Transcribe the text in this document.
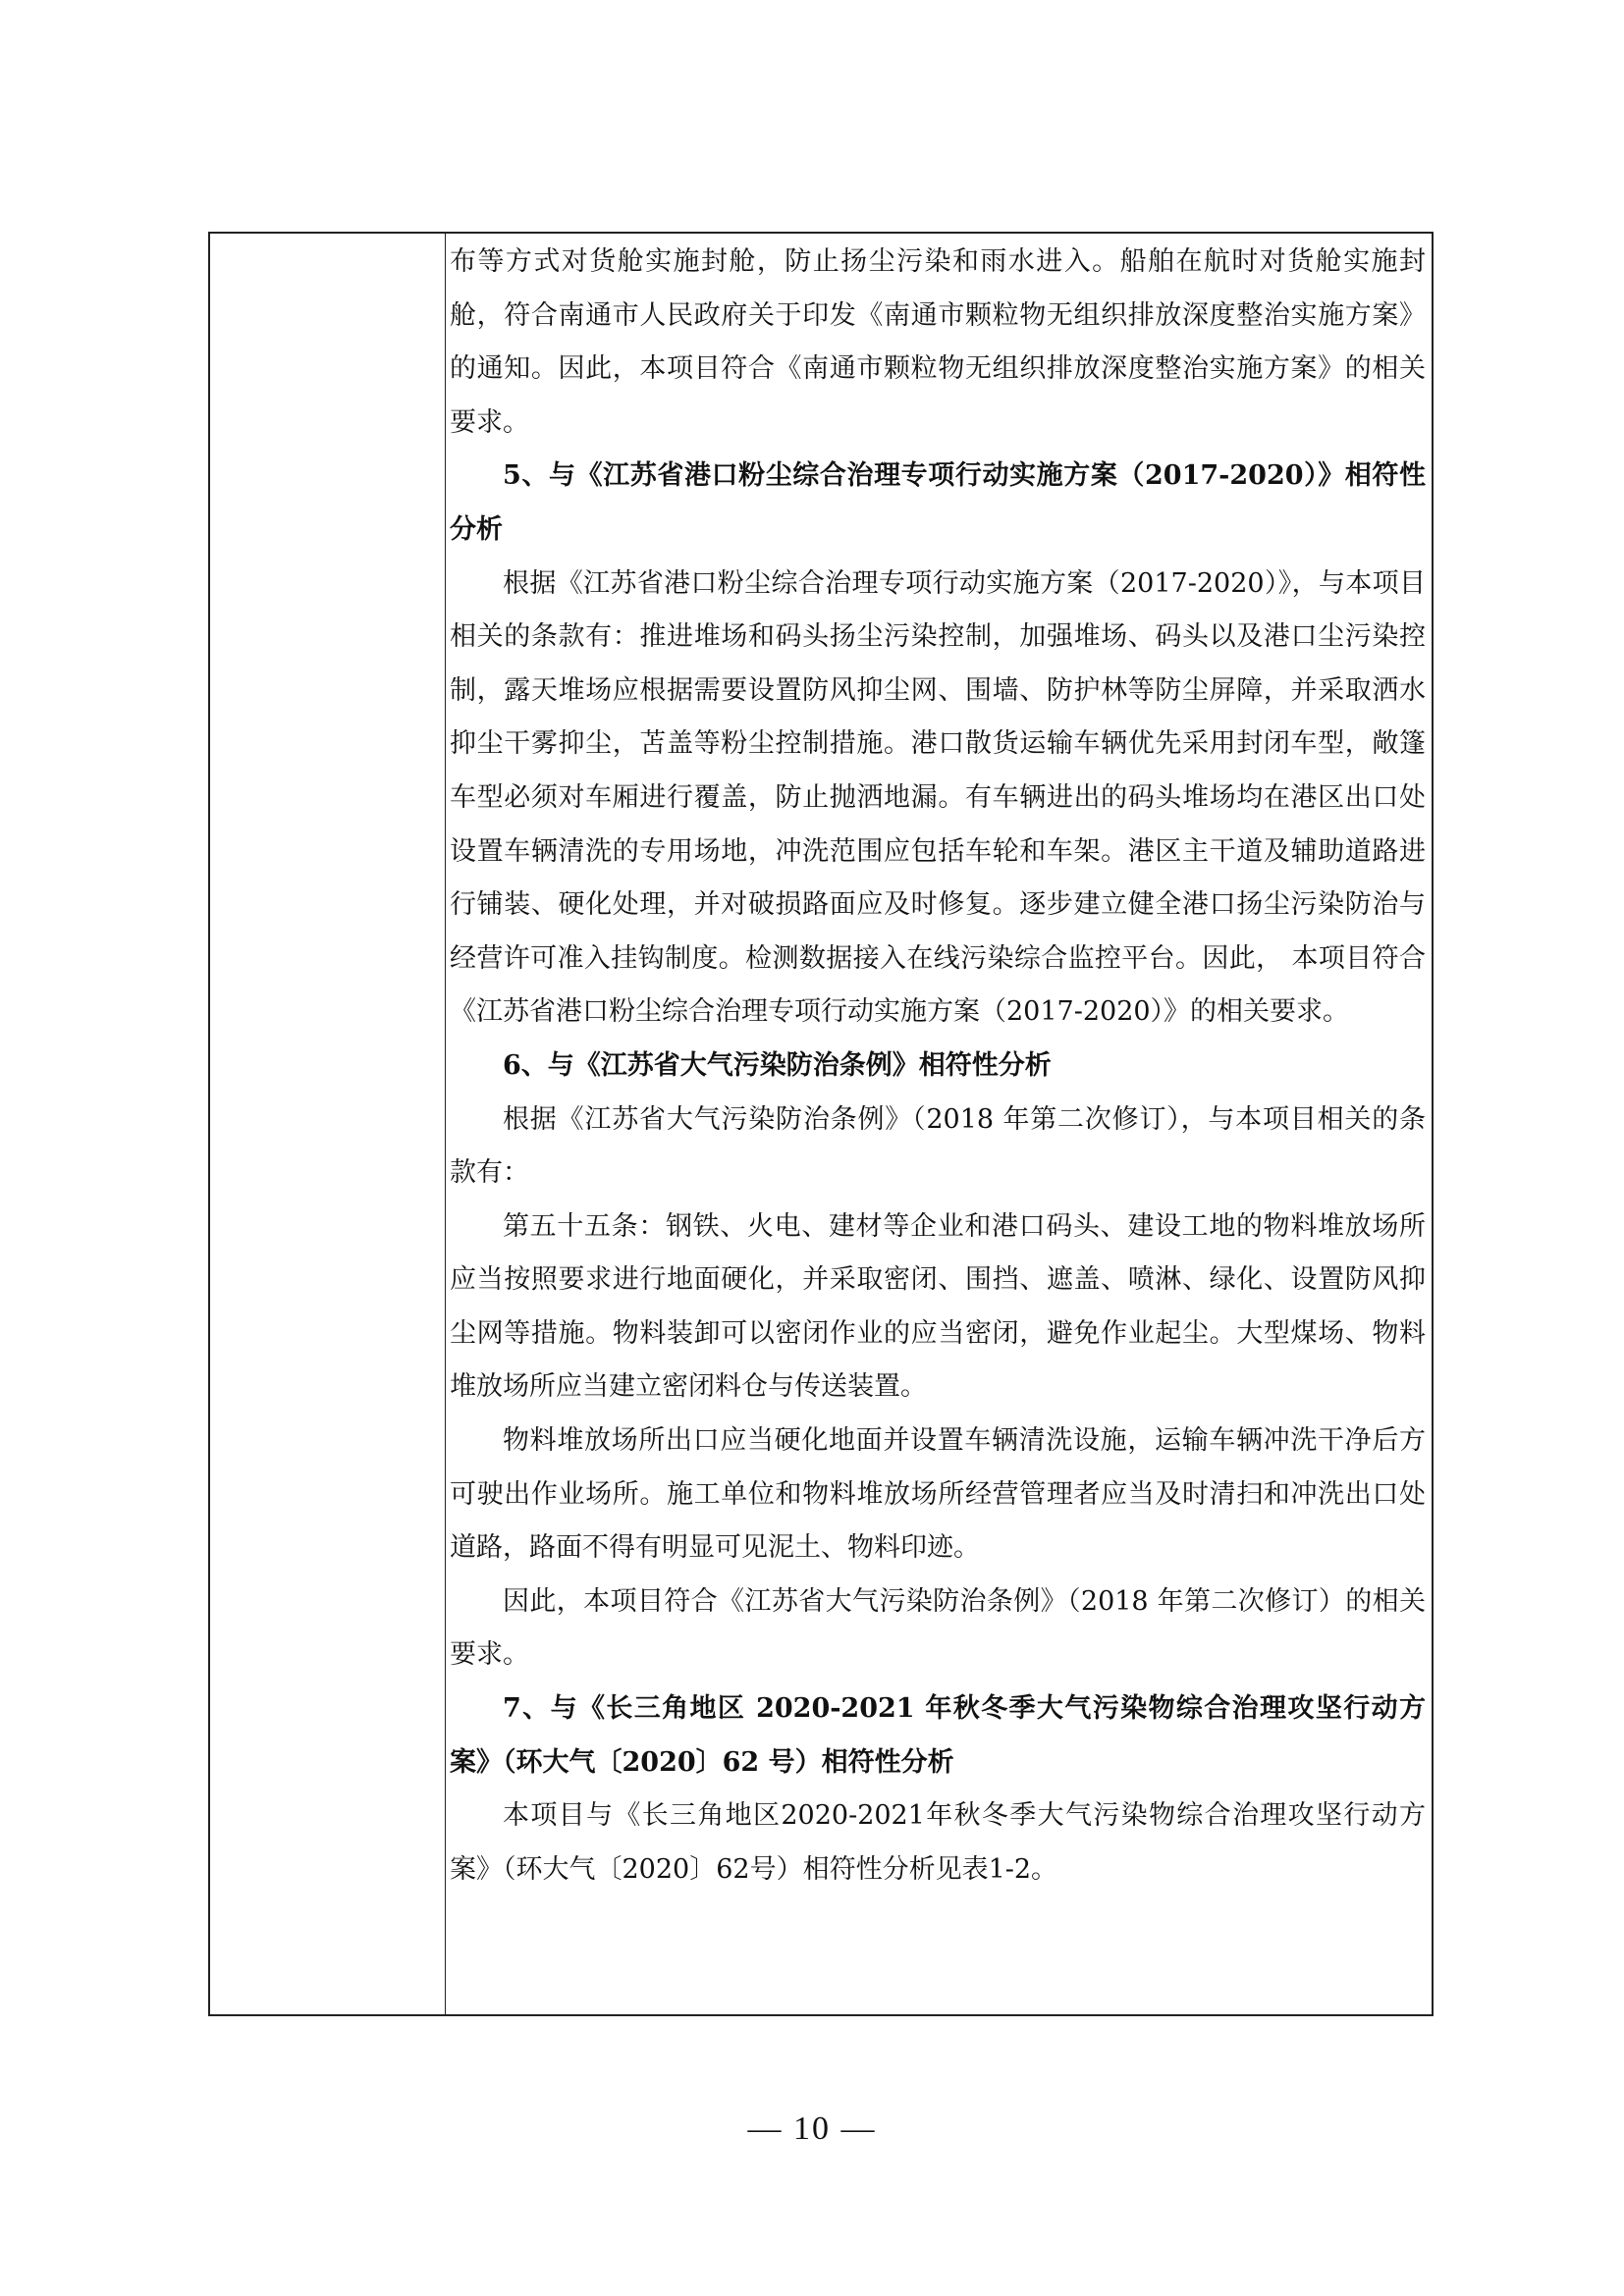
布等方式对货舱实施封舱，防止扬尘污染和雨水进入。船舶在航时对货舱实施封舱，符合南通市人民政府关于印发《南通市颗粒物无组织排放深度整治实施方案》的通知。因此，本项目符合《南通市颗粒物无组织排放深度整治实施方案》的相关要求。

5、与《江苏省港口粉尘综合治理专项行动实施方案（2017-2020）》相符性分析

根据《江苏省港口粉尘综合治理专项行动实施方案（2017-2020）》，与本项目相关的条款有：推进堆场和码头扬尘污染控制，加强堆场、码头以及港口尘污染控制，露天堆场应根据需要设置防风抑尘网、围墙、防护林等防尘屏障，并采取洒水抑尘干雾抑尘，苫盖等粉尘控制措施。港口散货运输车辆优先采用封闭车型，敞篷车型必须对车厢进行覆盖，防止抛洒地漏。有车辆进出的码头堆场均在港区出口处设置车辆清洗的专用场地，冲洗范围应包括车轮和车架。港区主干道及辅助道路进行铺装、硬化处理，并对破损路面应及时修复。逐步建立健全港口扬尘污染防治与经营许可准入挂钩制度。检测数据接入在线污染综合监控平台。因此， 本项目符合《江苏省港口粉尘综合治理专项行动实施方案（2017-2020）》的相关要求。

6、与《江苏省大气污染防治条例》相符性分析

根据《江苏省大气污染防治条例》（2018 年第二次修订），与本项目相关的条款有：

第五十五条：钢铁、火电、建材等企业和港口码头、建设工地的物料堆放场所应当按照要求进行地面硬化，并采取密闭、围挡、遮盖、喷淋、绿化、设置防风抑尘网等措施。物料装卸可以密闭作业的应当密闭，避免作业起尘。大型煤场、物料堆放场所应当建立密闭料仓与传送装置。

物料堆放场所出口应当硬化地面并设置车辆清洗设施，运输车辆冲洗干净后方可驶出作业场所。施工单位和物料堆放场所经营管理者应当及时清扫和冲洗出口处道路，路面不得有明显可见泥土、物料印迹。

因此，本项目符合《江苏省大气污染防治条例》（2018 年第二次修订）的相关要求。

7、与《长三角地区 2020-2021 年秋冬季大气污染物综合治理攻坚行动方案》（环大气〔2020〕62 号）相符性分析

本项目与《长三角地区2020-2021年秋冬季大气污染物综合治理攻坚行动方案》（环大气〔2020〕62号）相符性分析见表1-2。

— 10 —
